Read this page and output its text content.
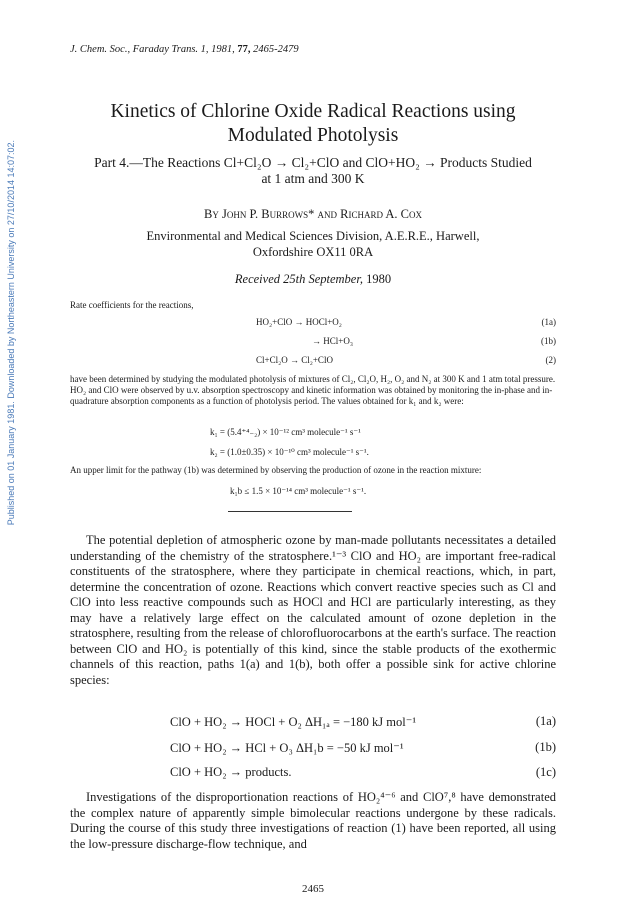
Published on 01 January 1981. Downloaded by Northeastern University on 27/10/2014 14:07:02.
J. Chem. Soc., Faraday Trans. 1, 1981, 77, 2465-2479
Kinetics of Chlorine Oxide Radical Reactions using Modulated Photolysis
Part 4.—The Reactions Cl+Cl₂O → Cl₂+ClO and ClO+HO₂ → Products Studied
at 1 atm and 300 K
By John P. Burrows* and Richard A. Cox
Environmental and Medical Sciences Division, A.E.R.E., Harwell,
Oxfordshire OX11 0RA
Received 25th September, 1980
Rate coefficients for the reactions,
HO₂+ClO → HOCl+O₂	(1a)
→ HCl+O₃	(1b)
Cl+Cl₂O → Cl₂+ClO	(2)
have been determined by studying the modulated photolysis of mixtures of Cl₂, Cl₂O, H₂, O₂ and N₂ at 300 K and 1 atm total pressure. HO₂ and ClO were observed by u.v. absorption spectroscopy and kinetic information was obtained by monitoring the in-phase and in-quadrature absorption components as a function of photolysis period. The values obtained for k₁ and k₂ were:
k₁ = (5.4⁺⁴₋₂) × 10⁻¹² cm³ molecule⁻¹ s⁻¹
k₂ = (1.0±0.35) × 10⁻¹⁰ cm³ molecule⁻¹ s⁻¹.
An upper limit for the pathway (1b) was determined by observing the production of ozone in the reaction mixture:
k₁b ≤ 1.5 × 10⁻¹⁴ cm³ molecule⁻¹ s⁻¹.

The potential depletion of atmospheric ozone by man-made pollutants necessitates a detailed understanding of the chemistry of the stratosphere.¹⁻³ ClO and HO₂ are important free-radical constituents of the stratosphere, where they participate in chemical reactions, which, in part, determine the concentration of ozone. Reactions which convert reactive species such as Cl and ClO into less reactive compounds such as HOCl and HCl are particularly interesting, as they may have a relatively large effect on the calculated amount of ozone depletion in the stratosphere, resulting from the release of chlorofluorocarbons at the earth's surface. The reaction between ClO and HO₂ is potentially of this kind, since the stable products of the exothermic channels of this reaction, paths 1(a) and 1(b), both offer a possible sink for active chlorine species:

ClO + HO₂ → HOCl + O₂ ΔH₁ₐ = −180 kJ mol⁻¹	(1a)
ClO + HO₂ → HCl + O₃ ΔH₁b = −50 kJ mol⁻¹	(1b)
ClO + HO₂ → products.	(1c)

Investigations of the disproportionation reactions of HO₂⁴⁻⁶ and ClO⁷,⁸ have demonstrated the complex nature of apparently simple bimolecular reactions undergone by these radicals. During the course of this study three investigations of reaction (1) have been reported, all using the low-pressure discharge-flow technique, and

2465
